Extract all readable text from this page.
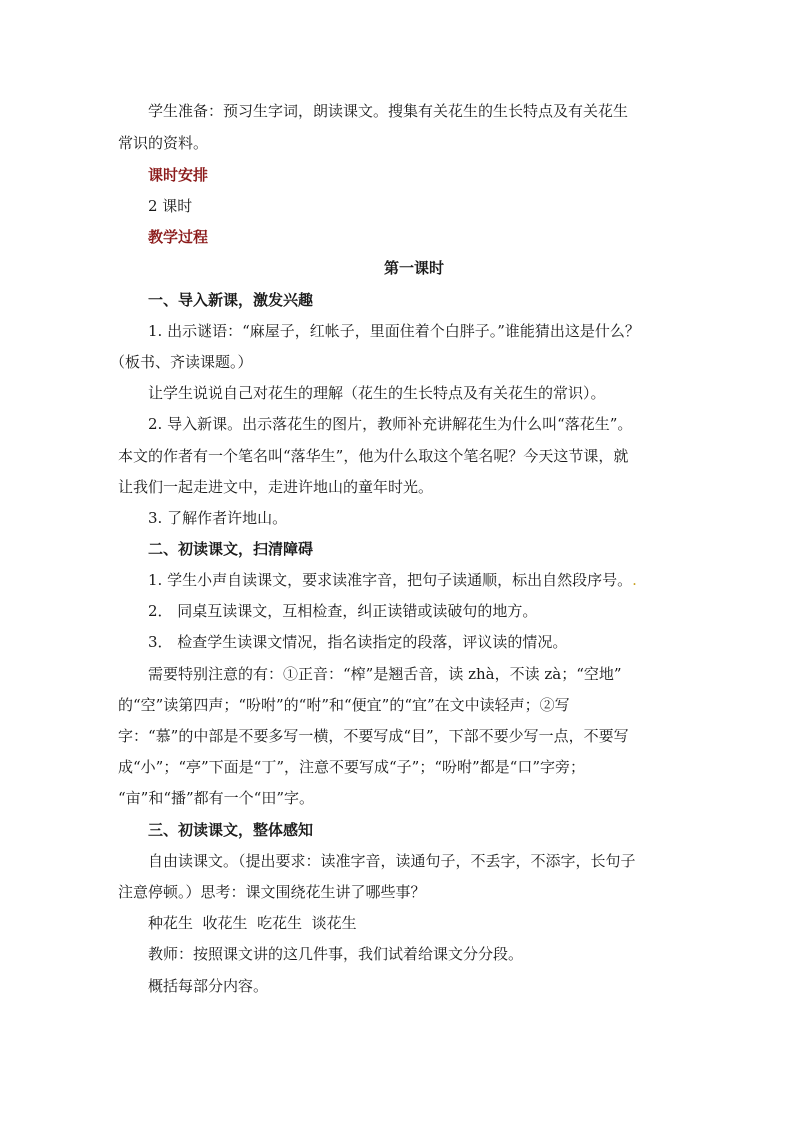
学生准备：预习生字词，朗读课文。搜集有关花生的生长特点及有关花生

常识的资料。

课时安排

2 课时

教学过程

第一课时

一、导入新课，激发兴趣

1. 出示谜语：“麻屋子，红帐子，里面住着个白胖子。”谁能猜出这是什么？

（板书、齐读课题。）

让学生说说自己对花生的理解（花生的生长特点及有关花生的常识）。

2. 导入新课。出示落花生的图片，教师补充讲解花生为什么叫“落花生”。

本文的作者有一个笔名叫“落华生”，他为什么取这个笔名呢？今天这节课，就

让我们一起走进文中，走进许地山的童年时光。

3. 了解作者许地山。

二、初读课文，扫清障碍

1. 学生小声自读课文，要求读准字音，把句子读通顺，标出自然段序号。.

2． 同桌互读课文，互相检查，纠正读错或读破句的地方。

3． 检查学生读课文情况，指名读指定的段落，评议读的情况。

需要特别注意的有：①正音：“榨”是翘舌音，读 zhà，不读 zà；“空地”

的“空”读第四声；“吩咐”的“咐”和“便宜”的“宜”在文中读轻声；②写

字：“慕”的中部是不要多写一横，不要写成“目”，下部不要少写一点，不要写

成“小”；“亭”下面是“丁”，注意不要写成“子”；“吩咐”都是“口”字旁；

“亩”和“播”都有一个“田”字。

三、初读课文，整体感知

自由读课文。（提出要求：读准字音，读通句子，不丢字，不添字，长句子

注意停顿。）思考：课文围绕花生讲了哪些事？

种花生  收花生  吃花生  谈花生

教师：按照课文讲的这几件事，我们试着给课文分分段。

概括每部分内容。
